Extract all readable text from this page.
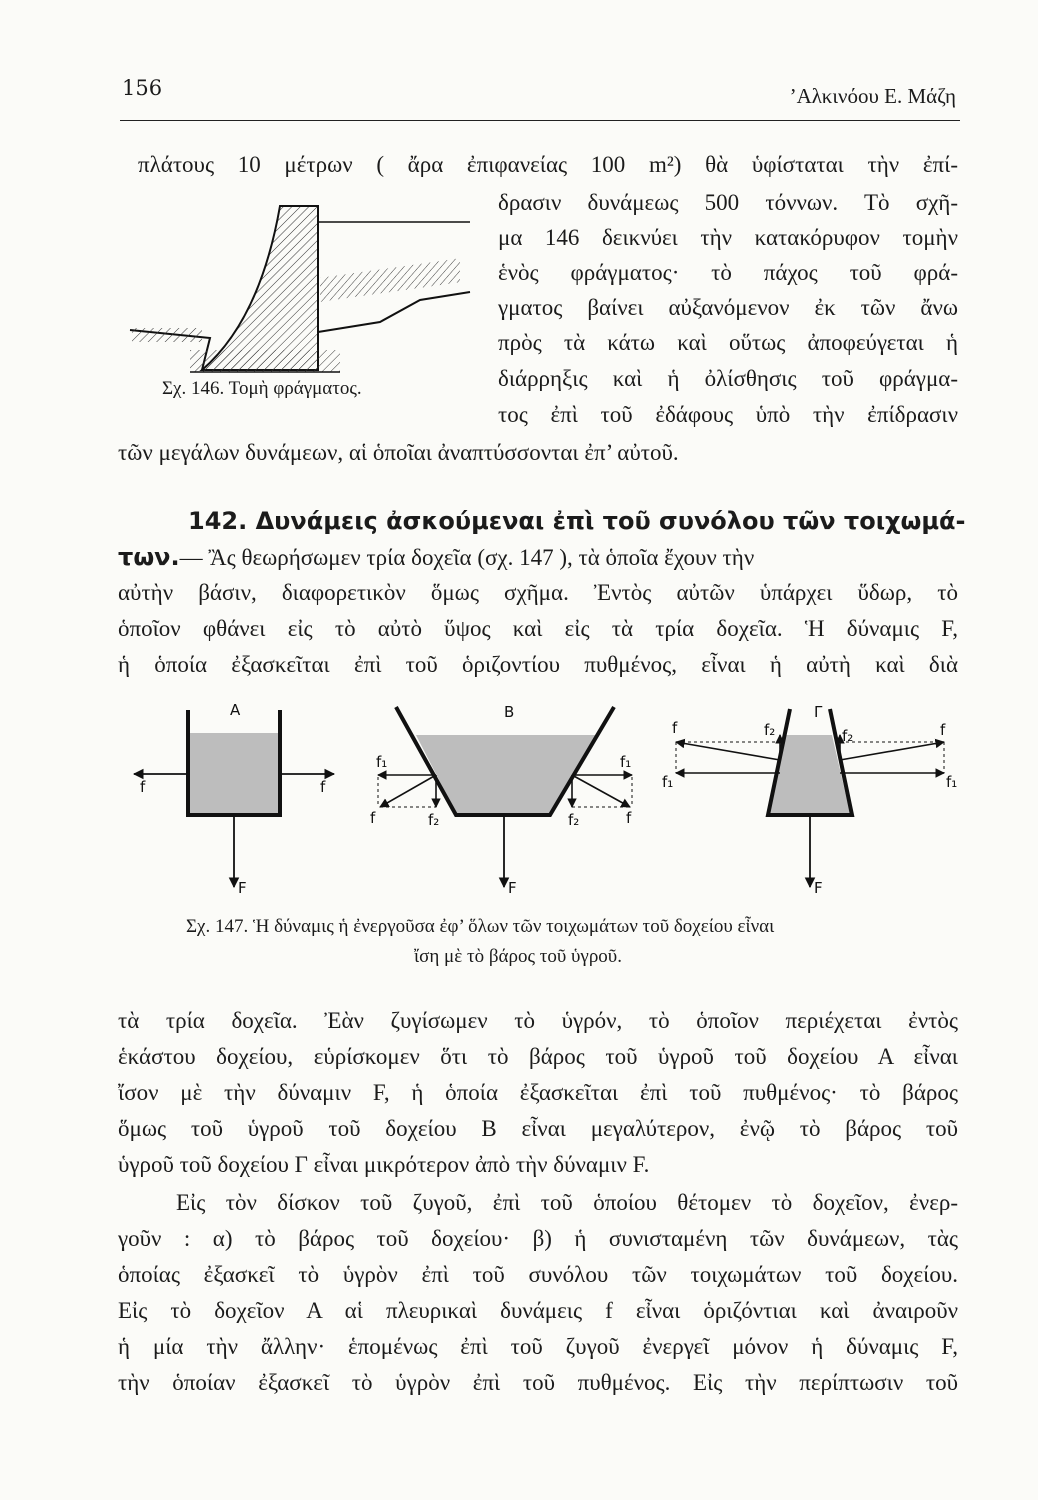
156	’Αλκινόου Ε. Μάζη
πλάτους 10 μέτρων ( ἄρα ἐπιφανείας 100 m²) θὰ ὑφίσταται τὴν ἐπί-
δρασιν δυνάμεως 500 τόννων. Τὸ σχῆ-
μα 146 δεικνύει τὴν κατακόρυφον τομὴν
ἑνὸς φράγματος· τὸ πάχος τοῦ φρά-
γματος βαίνει αὐξανόμενον ἐκ τῶν ἄνω
πρὸς τὰ κάτω καὶ οὕτως ἀποφεύγεται ἡ
διάρρηξις καὶ ἡ ὀλίσθησις τοῦ φράγμα-
τος ἐπὶ τοῦ ἐδάφους ὑπὸ τὴν ἐπίδρασιν
τῶν μεγάλων δυνάμεων, αἱ ὁποῖαι ἀναπτύσσονται ἐπ’ αὐτοῦ.
Σχ. 146. Τομὴ φράγματος.
142. Δυνάμεις ἀσκούμεναι ἐπὶ τοῦ συνόλου τῶν τοιχωμά-
των.— Ἂς θεωρήσωμεν τρία δοχεῖα (σχ. 147 ), τὰ ὁποῖα ἔχουν τὴν
αὐτὴν βάσιν, διαφορετικὸν ὅμως σχῆμα. Ἐντὸς αὐτῶν ὑπάρχει ὕδωρ, τὸ
ὁποῖον φθάνει εἰς τὸ αὐτὸ ὕψος καὶ εἰς τὰ τρία δοχεῖα. Ἡ δύναμις F,
ἡ ὁποία ἐξασκεῖται ἐπὶ τοῦ ὁριζοντίου πυθμένος, εἶναι ἡ αὐτὴ καὶ διὰ
A
f	f
F
B
f₁
f	f₂
f₁
f₂	f
F
Γ
f
f₁
f₂	f₂	f
f₁
F
Σχ. 147. Ἡ δύναμις ἡ ἐνεργοῦσα ἐφ’ ὅλων τῶν τοιχωμάτων τοῦ δοχείου εἶναι
ἴση μὲ τὸ βάρος τοῦ ὑγροῦ.
τὰ τρία δοχεῖα. Ἐὰν ζυγίσωμεν τὸ ὑγρόν, τὸ ὁποῖον περιέχεται ἐντὸς
ἑκάστου δοχείου, εὑρίσκομεν ὅτι τὸ βάρος τοῦ ὑγροῦ τοῦ δοχείου Α εἶναι
ἴσον μὲ τὴν δύναμιν F, ἡ ὁποία ἐξασκεῖται ἐπὶ τοῦ πυθμένος· τὸ βάρος
ὅμως τοῦ ὑγροῦ τοῦ δοχείου Β εἶναι μεγαλύτερον, ἐνῷ τὸ βάρος τοῦ
ὑγροῦ τοῦ δοχείου Γ εἶναι μικρότερον ἀπὸ τὴν δύναμιν F.
Εἰς τὸν δίσκον τοῦ ζυγοῦ, ἐπὶ τοῦ ὁποίου θέτομεν τὸ δοχεῖον, ἐνερ-
γοῦν : α) τὸ βάρος τοῦ δοχείου· β) ἡ συνισταμένη τῶν δυνάμεων, τὰς
ὁποίας ἐξασκεῖ τὸ ὑγρὸν ἐπὶ τοῦ συνόλου τῶν τοιχωμάτων τοῦ δοχείου.
Εἰς τὸ δοχεῖον Α αἱ πλευρικαὶ δυνάμεις f εἶναι ὁριζόντιαι καὶ ἀναιροῦν
ἡ μία τὴν ἄλλην· ἑπομένως ἐπὶ τοῦ ζυγοῦ ἐνεργεῖ μόνον ἡ δύναμις F,
τὴν ὁποίαν ἐξασκεῖ τὸ ὑγρὸν ἐπὶ τοῦ πυθμένος. Εἰς τὴν περίπτωσιν τοῦ
